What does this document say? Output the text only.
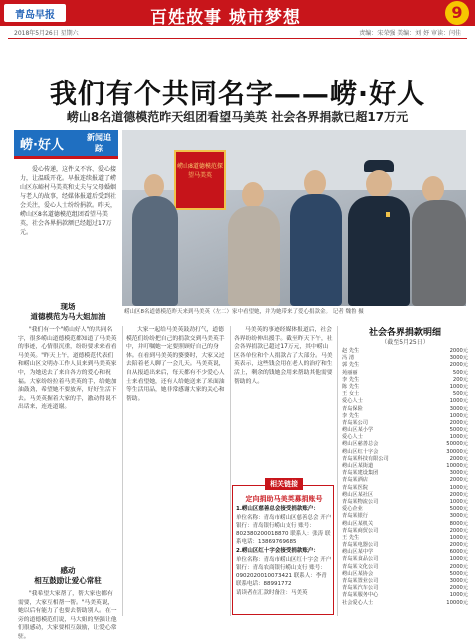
青岛早报	百姓故事 城市梦想	9
2018年5月26日 星期六	责编：宋荣强 美编：刘 妤 审读：闫佳
我们有个共同名字——崂·好人
崂山8名道德模范昨天组团看望马美英 社会各界捐款已超17万元
崂·好人
新闻追踪
爱心传递，这件义不容、爱心接力，让温暖开花。早报连续报道了崂山区东峪村马美英和丈夫与父母婚姻与老人的故事，经媒体报道后受到社会关注，爱心人士纷纷捐款。昨天，崂山区8名道德模范组团看望马美英，社会各界捐款额已经超过17万元。
崂山8道德模范探望马美英
崂山区8名道德模范昨天来到马美英（左二）家中看望她，并为她带来了爱心捐款金。 记者 魏鲁 摄
现场
道德模范为马大姐加油
"我们有一个"崂山好人"的共同名字，很多崂山道德模范都知道了马美英的事迹，心情很沉重，纷纷要求来看看马美英。"昨天上午，道德模范代表们和崂山区文明办工作人员来到马美英家中，为她送去了来自各方的爱心和祝福。大家纷纷拉着马美英的手，给她加油鼓劲，希望她不要放弃，好好生活下去。马美英握着大家的手，激动得说不出话来，连连道谢。
感动
相互鼓励让爱心常驻
"我希望大家帮了，帮大家也都有需要，大家互相帮一帮。"马美英说，她以后有能力了也要去帮助别人。在一旁的道德模范们说，马大姐的坚强让他们很感动，大家要相互鼓励，让爱心常驻。
大家一起给马美英鼓劲打气，道德模范们纷纷把自己的捐款交到马美英手中，并叮嘱她一定要照顾好自己的身体。在看到马美英的婆婆时，大家又过去陪着老人聊了一会儿天。马美英说，自从报道出来后，每天都有不少爱心人士来看望她，还有人给她送来了米面油等生活用品，她非常感谢大家的关心和帮助。
马美英的事迹经媒体报道后，社会各界纷纷伸出援手。截至昨天下午，社会各界捐款已超过17万元，其中崂山区各单位和个人捐款占了大部分。马美英表示，这些钱会用在老人的治疗和生活上，剩余的钱她会用来帮助其他需要帮助的人。
相关链接
定向捐助马美英募捐账号

1.崂山区慈善总会接受捐款账户：

单位名称：青岛市崂山区慈善总会 开户银行：青岛银行崂山支行 账号：802380200018870 联系人：张涛 联系电话：13869769685

2.崂山区红十字会接受捐款账户：

单位名称：青岛市崂山区红十字会 开户银行：青岛农商银行崂山支行 账号：0902020010073421 联系人：李青 联系电话：88991772

请读者在汇款时备注：马美英

社会各界捐款明细
（截至5月25日）
赵 先生	2000元
冯 清	3000元
郭 先生	2000元
苑丽丽	500元
李 先生	200元
陈 先生	1000元
王 女士	500元
爱心人士	1000元
青岛保险	3000元
李 先生	1000元
青岛某公司	2000元
崂山区某小学	5000元
爱心人士	1000元
崂山区慈善总会	50000元
崂山区红十字会	30000元
青岛某科技有限公司	2000元
崂山区某街道	10000元
青岛某建设集团	3000元
青岛某酒店	2000元
青岛某医院	1000元
崂山区某社区	2000元
青岛某物流公司	1000元
爱心企业	5000元
青岛某银行	3000元
崂山区某机关	8000元
青岛某商贸公司	2000元
王 先生	1000元
青岛某电器公司	2000元
崂山区某中学	6000元
青岛某食品公司	1000元
青岛某文化公司	2000元
崂山区某协会	5000元
青岛某置业公司	3000元
青岛某汽车公司	2000元
青岛某服务中心	1000元
社会爱心人士	10000元
